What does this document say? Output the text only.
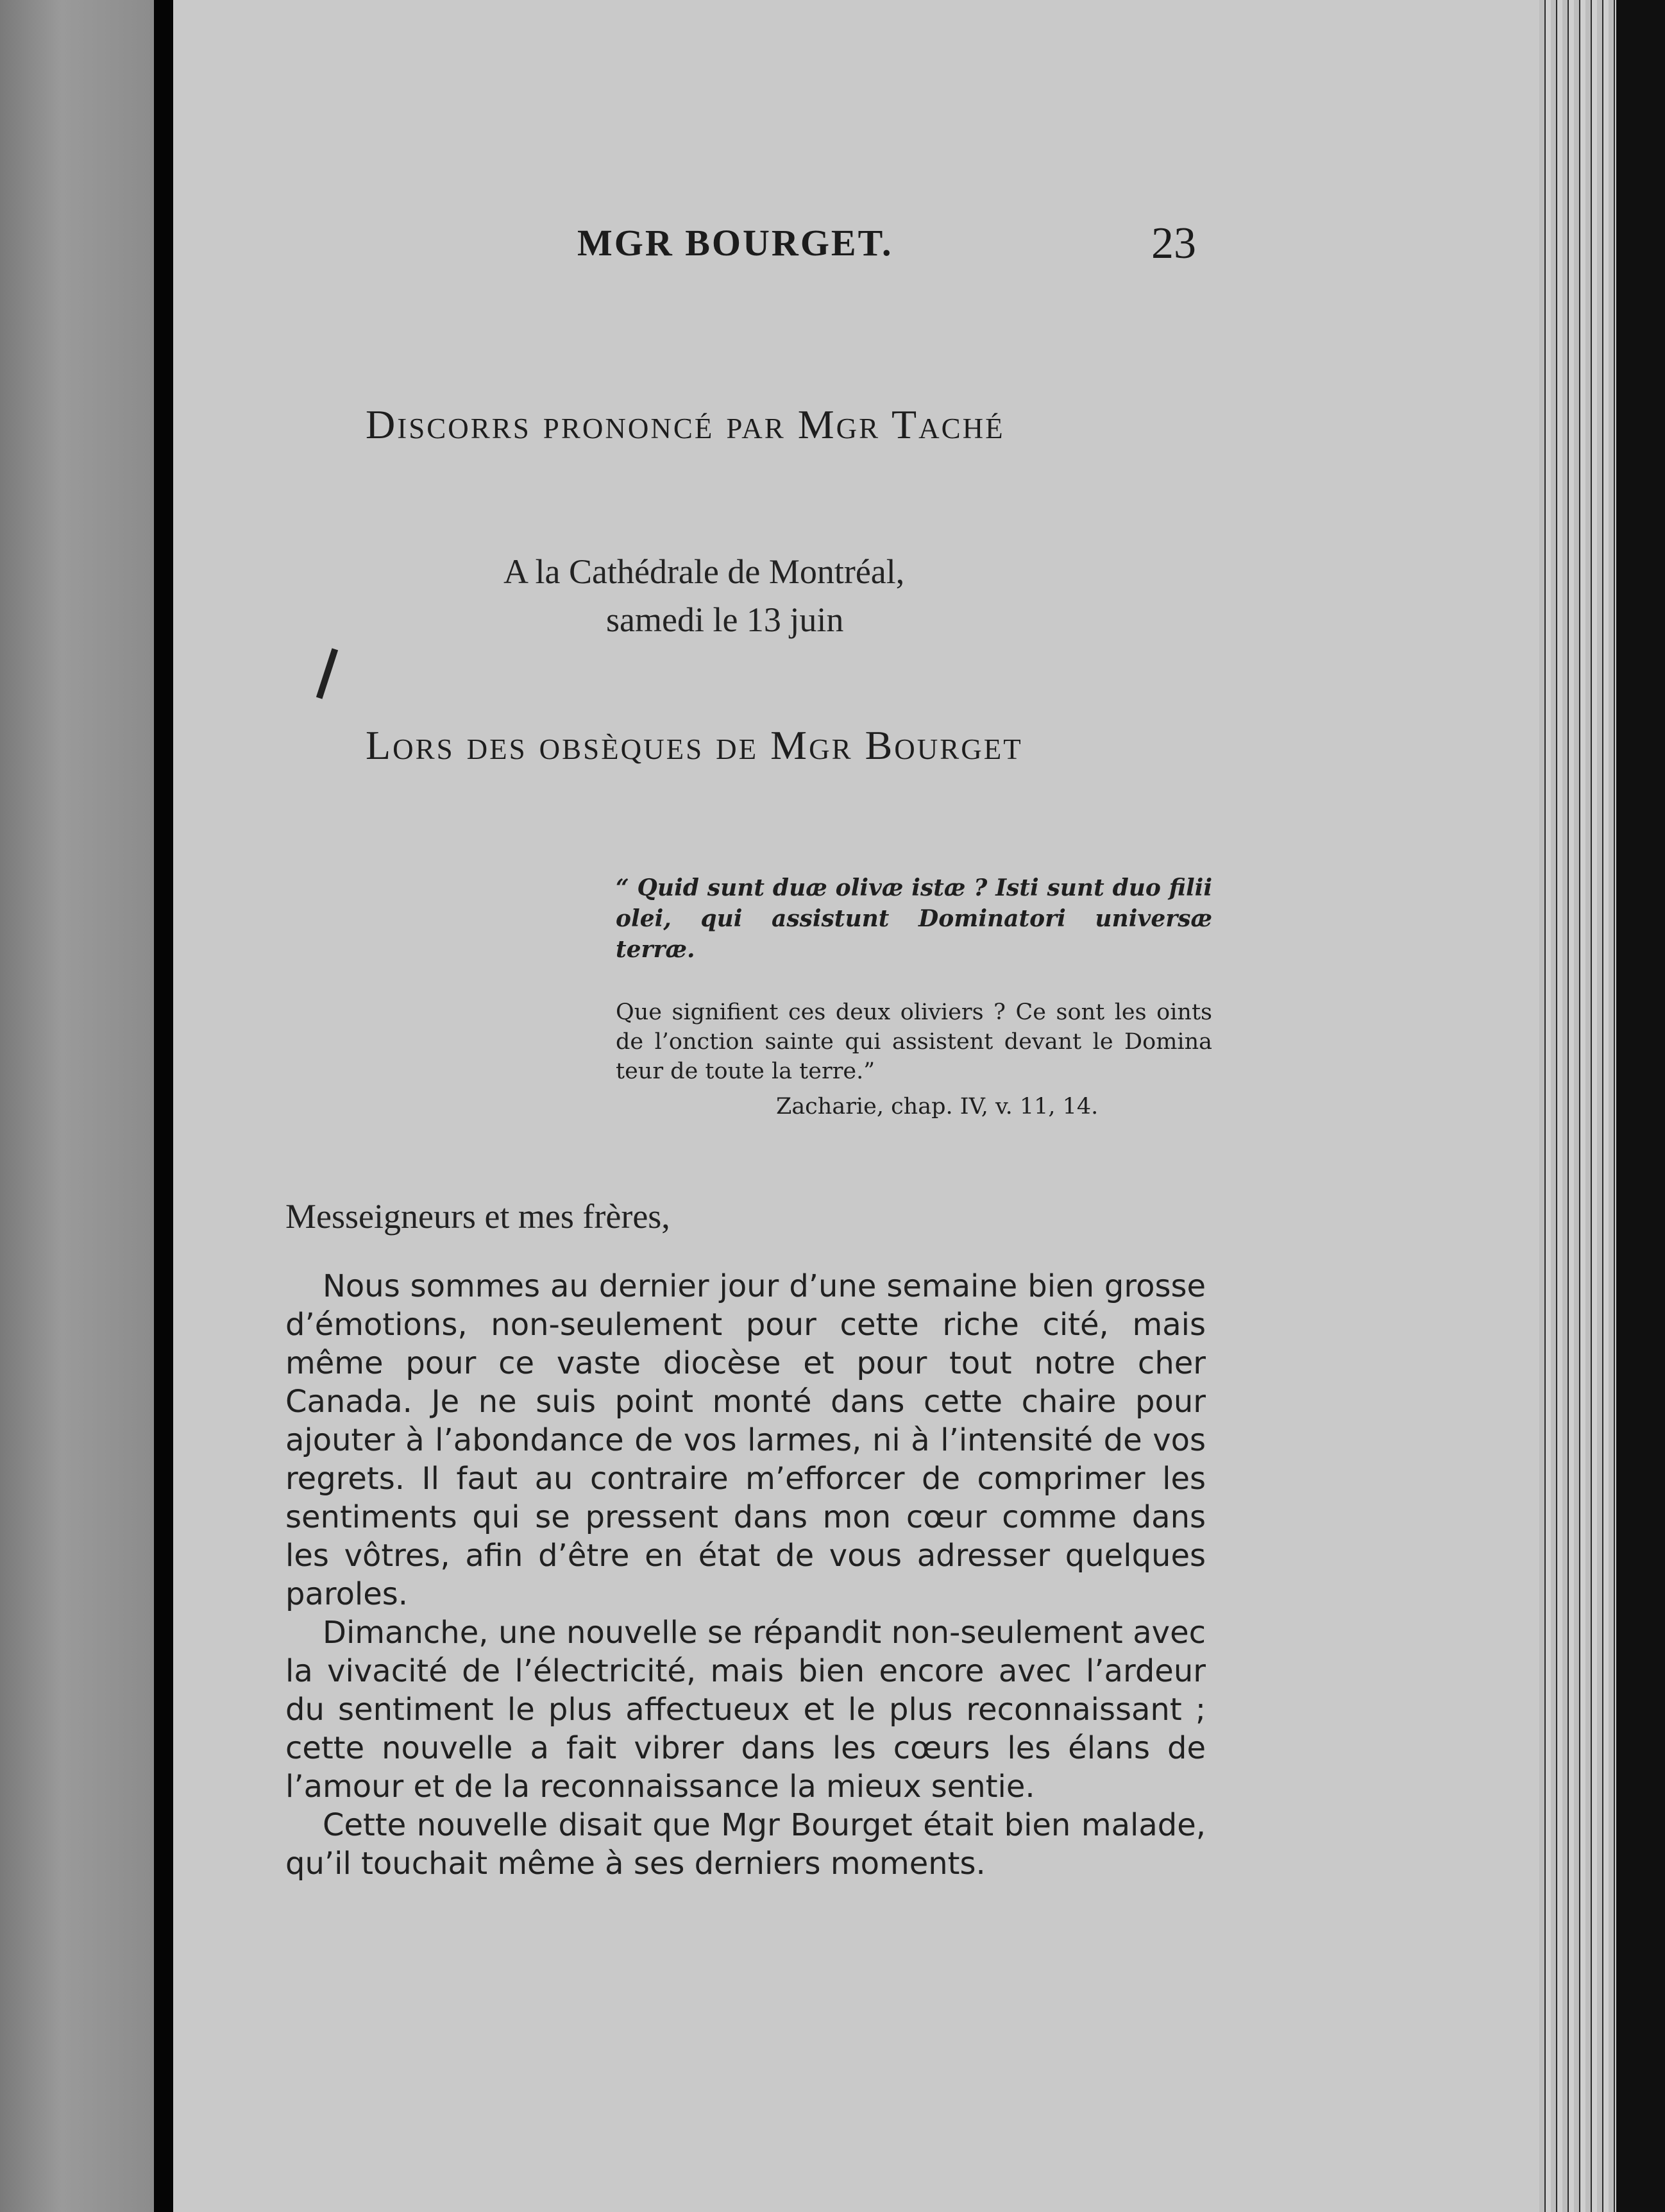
MGR BOURGET.	23
Discorrs prononcé par Mgr Taché
A la Cathédrale de Montréal,
samedi le 13 juin
Lors des obsèques de Mgr Bourget
“ Quid sunt duæ olivæ istæ ? Isti sunt duo filii olei, qui assistunt Dominatori universæ terræ.
Que signifient ces deux oliviers ? Ce sont les oints de l’onction sainte qui assistent devant le Domina teur de toute la terre.”
Zacharie, chap. IV, v. 11, 14.
Messeigneurs et mes frères,

Nous sommes au dernier jour d’une semaine bien grosse d’émotions, non-seulement pour cette riche cité, mais même pour ce vaste diocèse et pour tout notre cher Canada. Je ne suis point monté dans cette chaire pour ajouter à l’abondance de vos larmes, ni à l’intensité de vos regrets. Il faut au contraire m’efforcer de comprimer les sentiments qui se pressent dans mon cœur comme dans les vôtres, afin d’être en état de vous adresser quelques paroles.

Dimanche, une nouvelle se répandit non-seulement avec la vivacité de l’électricité, mais bien encore avec l’ardeur du sentiment le plus affectueux et le plus reconnaissant ; cette nouvelle a fait vibrer dans les cœurs les élans de l’amour et de la reconnaissance la mieux sentie.

Cette nouvelle disait que Mgr Bourget était bien malade, qu’il touchait même à ses derniers moments.
